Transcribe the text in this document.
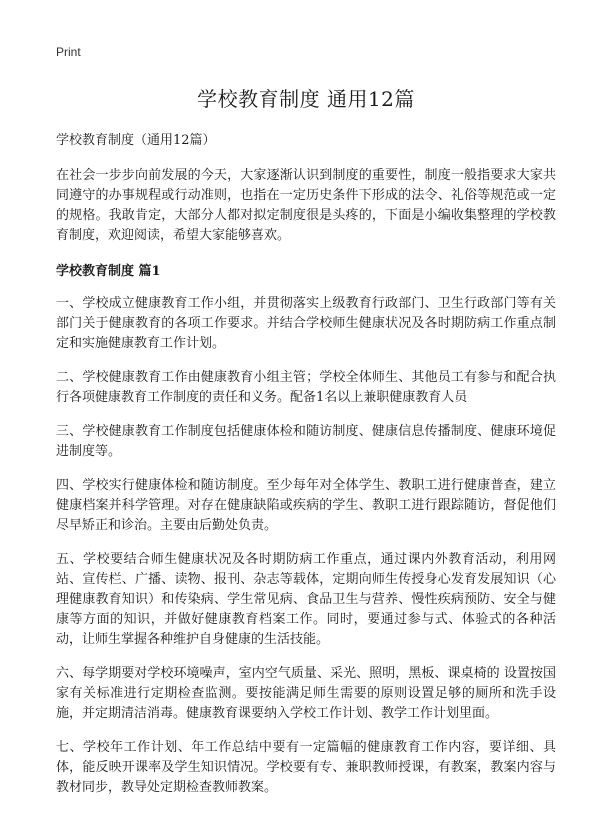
Print
学校教育制度 通用12篇

学校教育制度（通用12篇）

在社会一步步向前发展的今天，大家逐渐认识到制度的重要性，制度一般指要求大家共同遵守的办事规程或行动准则，也指在一定历史条件下形成的法令、礼俗等规范或一定的规格。我敢肯定，大部分人都对拟定制度很是头疼的，下面是小编收集整理的学校教育制度，欢迎阅读，希望大家能够喜欢。

学校教育制度 篇1

一、学校成立健康教育工作小组，并贯彻落实上级教育行政部门、卫生行政部门等有关部门关于健康教育的各项工作要求。并结合学校师生健康状况及各时期防病工作重点制定和实施健康教育工作计划。

二、学校健康教育工作由健康教育小组主管；学校全体师生、其他员工有参与和配合执行各项健康教育工作制度的责任和义务。配备1名以上兼职健康教育人员

三、学校健康教育工作制度包括健康体检和随访制度、健康信息传播制度、健康环境促进制度等。

四、学校实行健康体检和随访制度。至少每年对全体学生、教职工进行健康普查，建立健康档案并科学管理。对存在健康缺陷或疾病的学生、教职工进行跟踪随访，督促他们尽早矫正和诊治。主要由后勤处负责。

五、学校要结合师生健康状况及各时期防病工作重点，通过课内外教育活动，利用网站、宣传栏、广播、读物、报刊、杂志等载体，定期向师生传授身心发育发展知识（心理健康教育知识）和传染病、学生常见病、食品卫生与营养、慢性疾病预防、安全与健康等方面的知识，并做好健康教育档案工作。同时，要通过参与式、体验式的各种活动，让师生掌握各种维护自身健康的生活技能。

六、每学期要对学校环境噪声，室内空气质量、采光、照明，黑板、课桌椅的 设置按国家有关标准进行定期检查监测。要按能满足师生需要的原则设置足够的厕所和洗手设施，并定期清洁消毒。健康教育课要纳入学校工作计划、教学工作计划里面。

七、学校年工作计划、年工作总结中要有一定篇幅的健康教育工作内容，要详细、具体，能反映开课率及学生知识情况。学校要有专、兼职教师授课，有教案，教案内容与教材同步，教导处定期检查教师教案。
